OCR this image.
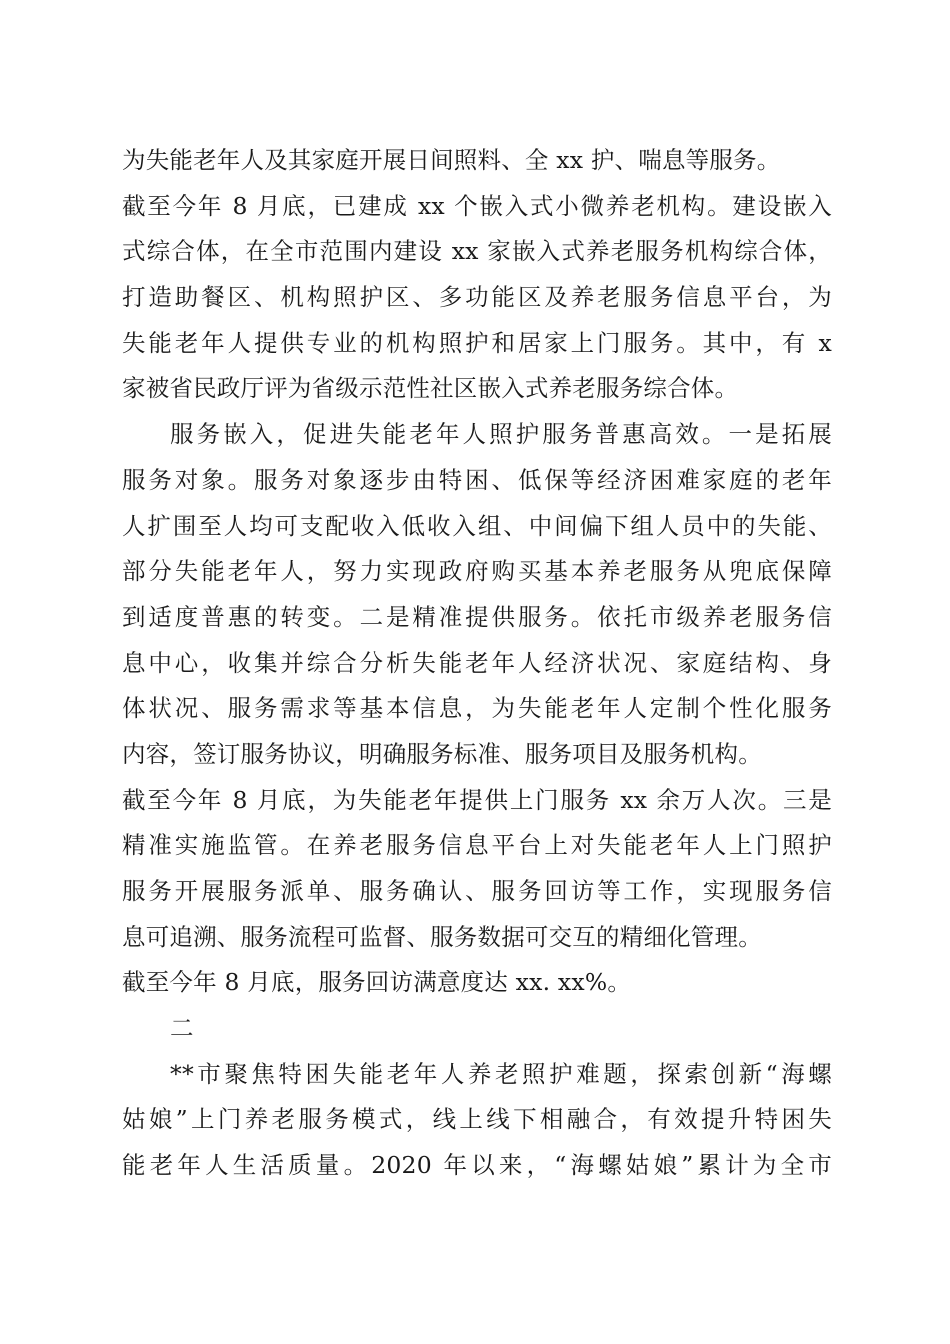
为失能老年人及其家庭开展日间照料、全 xx 护、喘息等服务。
截至今年 8 月底，已建成 xx 个嵌入式小微养老机构。建设嵌入
式综合体，在全市范围内建设 xx 家嵌入式养老服务机构综合体，
打造助餐区、机构照护区、多功能区及养老服务信息平台，为
失能老年人提供专业的机构照护和居家上门服务。其中，有 x
家被省民政厅评为省级示范性社区嵌入式养老服务综合体。
服务嵌入，促进失能老年人照护服务普惠高效。一是拓展
服务对象。服务对象逐步由特困、低保等经济困难家庭的老年
人扩围至人均可支配收入低收入组、中间偏下组人员中的失能、
部分失能老年人，努力实现政府购买基本养老服务从兜底保障
到适度普惠的转变。二是精准提供服务。依托市级养老服务信
息中心，收集并综合分析失能老年人经济状况、家庭结构、身
体状况、服务需求等基本信息，为失能老年人定制个性化服务
内容，签订服务协议，明确服务标准、服务项目及服务机构。
截至今年 8 月底，为失能老年提供上门服务 xx 余万人次。三是
精准实施监管。在养老服务信息平台上对失能老年人上门照护
服务开展服务派单、服务确认、服务回访等工作，实现服务信
息可追溯、服务流程可监督、服务数据可交互的精细化管理。
截至今年 8 月底，服务回访满意度达 xx. xx%。
二
**市聚焦特困失能老年人养老照护难题，探索创新“海螺
姑娘”上门养老服务模式，线上线下相融合，有效提升特困失
能老年人生活质量。2020 年以来，“海螺姑娘”累计为全市
